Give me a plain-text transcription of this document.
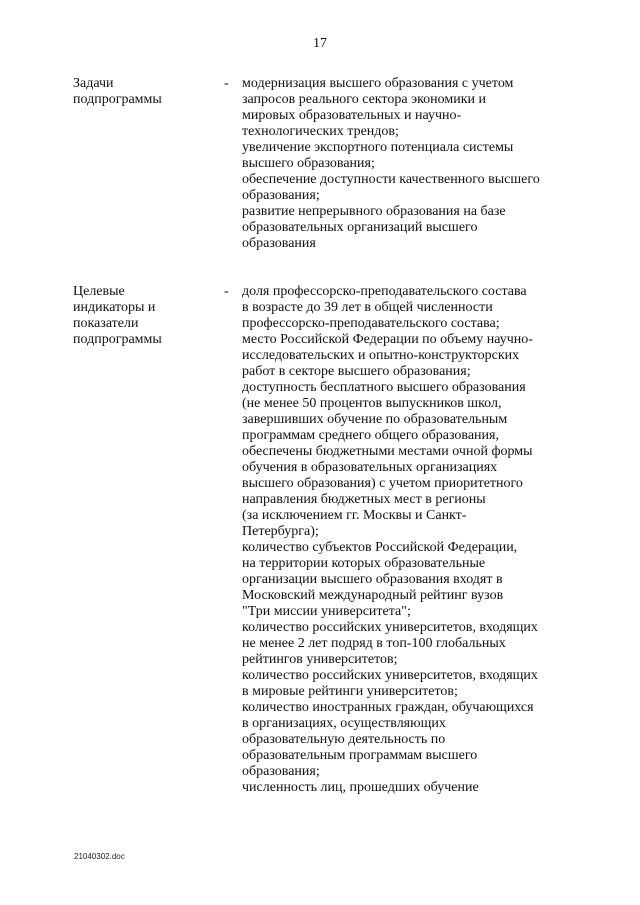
17
Задачи
подпрограммы
- модернизация высшего образования с учетом
запросов реального сектора экономики и
мировых образовательных и научно-
технологических трендов;
увеличение экспортного потенциала системы
высшего образования;
обеспечение доступности качественного высшего
образования;
развитие непрерывного образования на базе
образовательных организаций высшего
образования
Целевые
индикаторы и
показатели
подпрограммы
- доля профессорско-преподавательского состава
в возрасте до 39 лет в общей численности
профессорско-преподавательского состава;
место Российской Федерации по объему научно-
исследовательских и опытно-конструкторских
работ в секторе высшего образования;
доступность бесплатного высшего образования
(не менее 50 процентов выпускников школ,
завершивших обучение по образовательным
программам среднего общего образования,
обеспечены бюджетными местами очной формы
обучения в образовательных организациях
высшего образования) с учетом приоритетного
направления бюджетных мест в регионы
(за исключением гг. Москвы и Санкт-
Петербурга);
количество субъектов Российской Федерации,
на территории которых образовательные
организации высшего образования входят в
Московский международный рейтинг вузов
"Три миссии университета";
количество российских университетов, входящих
не менее 2 лет подряд в топ-100 глобальных
рейтингов университетов;
количество российских университетов, входящих
в мировые рейтинги университетов;
количество иностранных граждан, обучающихся
в организациях, осуществляющих
образовательную деятельность по
образовательным программам высшего
образования;
численность лиц, прошедших обучение
21040302.doc
